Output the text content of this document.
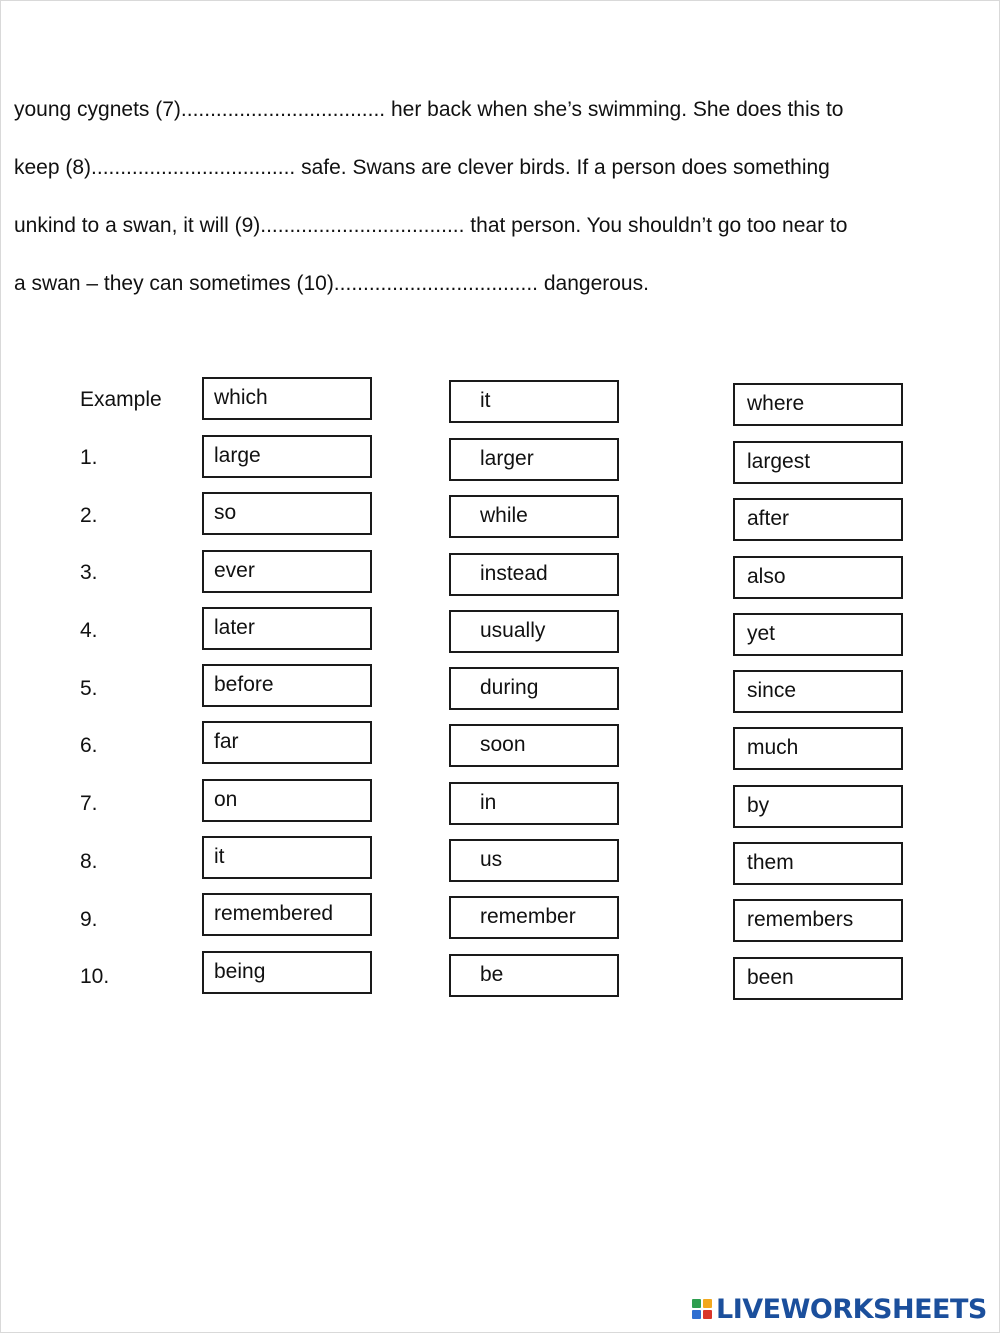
young cygnets (7)................................... her back when she’s swimming. She does this to
keep (8)................................... safe. Swans are clever birds. If a person does something
unkind to a swan, it will (9)................................... that person. You shouldn’t go too near to
a swan – they can sometimes (10)................................... dangerous.
Example	which	it	where
1.	large	larger	largest
2.	so	while	after
3.	ever	instead	also
4.	later	usually	yet
5.	before	during	since
6.	far	soon	much
7.	on	in	by
8.	it	us	them
9.	remembered	remember	remembers
10.	being	be	been
LIVEWORKSHEETS
